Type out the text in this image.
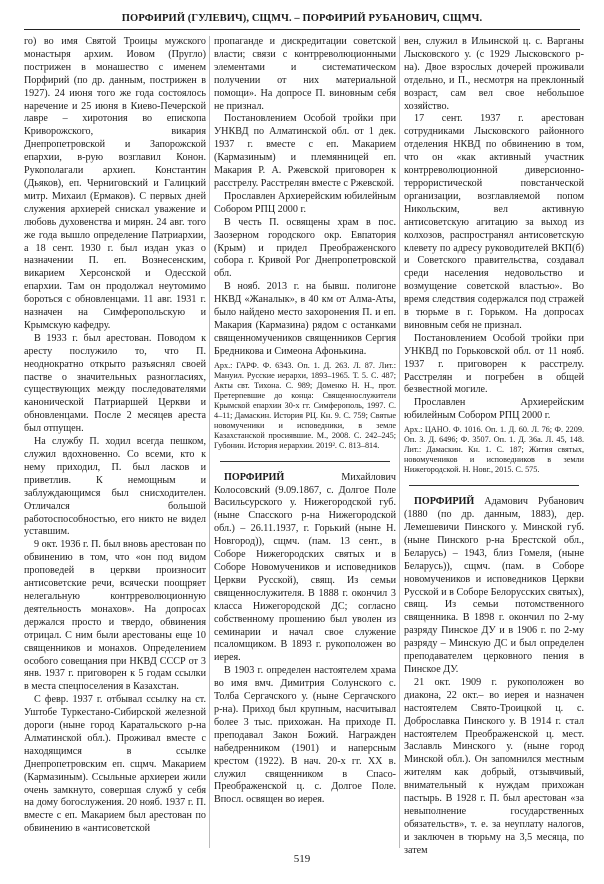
ПОРФИРИЙ (ГУЛЕВИЧ), СЩМЧ. – ПОРФИРИЙ РУБАНОВИЧ, СЩМЧ.

го) во имя Святой Троицы мужского монастыря архим. Иовом (Пруглo) пострижен в монашество с именем Порфирий (по др. данным, пострижен в 1927). 24 июня того же года состоялось наречение и 25 июня в Киево-Печерской лавре – хиротония во епископа Криворожского, викария Днепропетровской и Запорожской епархии, в-рую возглавил Конон. Рукополагали архиеп. Константин (Дьяков), еп. Черниговский и Галицкий митр. Михаил (Ермаков). С первых дней служения архиерей снискал уважение и любовь духовенства и мирян. 24 авг. того же года вышло определение Патриархии, а 18 сент. 1930 г. был издан указ о назначении П. еп. Вознесенским, викарием Херсонской и Одесской епархии. Там он продолжал неутомимо бороться с обновленцами. 11 авг. 1931 г. назначен на Симферопольскую и Крымскую кафедру.

В 1933 г. был арестован. Поводом к аресту послужило то, что П. неоднократно открыто разъяснял своей пастве о значительных разногласиях, существующих между последователями канонической Патриаршей Церкви и обновленцами. После 2 месяцев ареста был отпущен.

На службу П. ходил всегда пешком, служил вдохновенно. Со всеми, кто к нему приходил, П. был ласков и приветлив. К немощным и заблуждающимся был снисходителен. Отличался большой работоспособностью, его никто не видел уставшим.

9 окт. 1936 г. П. был вновь арестован по обвинению в том, что «он под видом проповедей в церкви произносит антисоветские речи, всячески поощряет нелегальную контрреволюционную деятельность монахов». На допросах держался просто и твердо, обвинения отрицал. С ним были арестованы еще 10 священников и монахов. Определением особого совещания при НКВД СССР от 3 янв. 1937 г. приговорен к 5 годам ссылки в места спецпоселения в Казахстан.

С февр. 1937 г. отбывал ссылку на ст. Уштобе Туркестано-Сибирской железной дороги (ныне город Каратальского р-на Алматинской обл.). Проживал вместе с находящимся в ссылке Днепропетровским еп. сщмч. Макарием (Кармазиным). Ссыльные архиереи жили очень замкнуто, совершая служб у себя на дому богослужения. 20 нояб. 1937 г. П. вместе с еп. Макарием был арестован по обвинению в «антисоветской

пропаганде и дискредитации советской власти; связи с контрреволюционными элементами и систематическом получении от них материальной помощи». На допросе П. виновным себя не признал.

Постановлением Особой тройки при УНКВД по Алматинской обл. от 1 дек. 1937 г. вместе с еп. Макарием (Кармазиным) и племянницей еп. Макария Р. А. Ржевской приговорен к расстрелу. Расстрелян вместе с Ржевской.

Прославлен Архиерейским юбилейным Собором РПЦ 2000 г.

В честь П. освящены храм в пос. Заозерном городского окр. Евпатория (Крым) и придел Преображенского собора г. Кривой Рог Днепропетровской обл.

В нояб. 2013 г. на бывш. полигоне НКВД «Жаналык», в 40 км от Алма-Аты, было найдено место захоронения П. и еп. Макария (Кармазина) рядом с останками священномучеников священников Сергия Бредникова и Симеона Афонькина.

Арх.: ГАРФ. Ф. 6343. Оп. 1. Д. 263. Л. 87. Лит.: Мануил. Русские иерархи, 1893–1965. Т. 5. С. 487; Акты свт. Тихона. С. 989; Доменко Н. Н., прот. Претерпевшие до конца: Священнослужители Крымской епархии 30-х гг. Симферополь, 1997. С. 4–11; Дамаскин. История РЦ. Кн. 9. С. 759; Святые новомученики и исповедники, в земле Казахстанской просиявшие. М., 2008. С. 242–245; Губонин. История иерархии. 2019². С. 813–814.

ПОРФИРИЙ	Михайлович Колосовский (9.09.1867, с. Долгое Поле Васильсурского у. Нижегородской губ. (ныне Спасского р-на Нижегородской обл.) – 26.11.1937, г. Горький (ныне Н. Новгород)), сщмч. (пам. 13 сент., в Соборе Нижегородских святых и в Соборе Новомучеников и исповедников Церкви Русской), свящ. Из семьи священнослужителя. В 1888 г. окончил 3 класса Нижегородской ДС; согласно собственному прошению был уволен из семинарии и начал свое служение псаломщиком. В 1893 г. рукоположен во иерея.

В 1903 г. определен настоятелем храма во имя вмч. Димитрия Солунского с. Толба Сергачского у. (ныне Сергачского р-на). Приход был крупным, насчитывал более 3 тыс. прихожан. На приходе П. преподавал Закон Божий. Награжден набедренником (1901) и наперсным крестом (1922). В нач. 20-х гг. XX в. служил священником в Спасо-Преображенской ц. с. Долгое Поле. Впосл. освящен во иерея.

вен, служил в Ильинской ц. с. Варганы Лысковского у. (с 1929 Лысковского р-на). Двое взрослых дочерей проживали отдельно, и П., несмотря на преклонный возраст, сам вел свое небольшое хозяйство.

17 сент. 1937 г. арестован сотрудниками Лысковского районного отделения НКВД по обвинению в том, что он «как активный участник контрреволюционной диверсионно-террористической повстанческой организации, возглавляемой попом Никольским, вел активную антисоветскую агитацию за выход из колхозов, распространял антисоветскую клевету по адресу руководителей ВКП(б) и Советского правительства, создавал среди населения недовольство и возмущение советской властью». Во время следствия содержался под стражей в тюрьме в г. Горьком. На допросах виновным себя не признал.

Постановлением Особой тройки при УНКВД по Горьковской обл. от 11 нояб. 1937 г. приговорен к расстрелу. Расстрелян и погребен в общей безвестной могиле.

Прославлен Архиерейским юбилейным Собором РПЦ 2000 г.

Арх.: ЦАНО. Ф. 1016. Оп. 1. Д. 60. Л. 76; Ф. 2209. Оп. 3. Д. 6496; Ф. 3507. Оп. 1. Д. 36а. Л. 45, 148. Лит.: Дамаскин. Кн. 1. С. 187; Жития святых, новомучеников и исповедников в земли Нижегородской. Н. Новг., 2015. С. 575.

ПОРФИРИЙ Адамович Рубанович (1880 (по др. данным, 1883), дер. Лемешевичи Пинского у. Минской губ. (ныне Пинского р-на Брестской обл., Беларусь) – 1943, близ Гомеля, (ныне Беларусь)), сщмч. (пам. в Соборе новомучеников и исповедников Церкви Русской и в Соборе Белорусских святых), свящ. Из семьи потомственного священника. В 1898 г. окончил по 2-му разряду Пинское ДУ и в 1906 г. по 2-му разряду – Минскую ДС и был определен преподавателем церковного пения в Пинское ДУ.

21 окт. 1909 г. рукоположен во диакона, 22 окт.– во иерея и назначен настоятелем Свято-Троицкой ц. с. Доброславка Пинского у. В 1914 г. стал настоятелем Преображенской ц. мест. Заславль Минского у. (ныне город Минской обл.). Он запомнился местным жителям как добрый, отзывчивый, внимательный к нуждам прихожан пастырь. В 1928 г. П. был арестован «за невыполнение государственных обязательств», т. е. за неуплату налогов, и заключен в тюрьму на 3,5 месяца, по затем

519
